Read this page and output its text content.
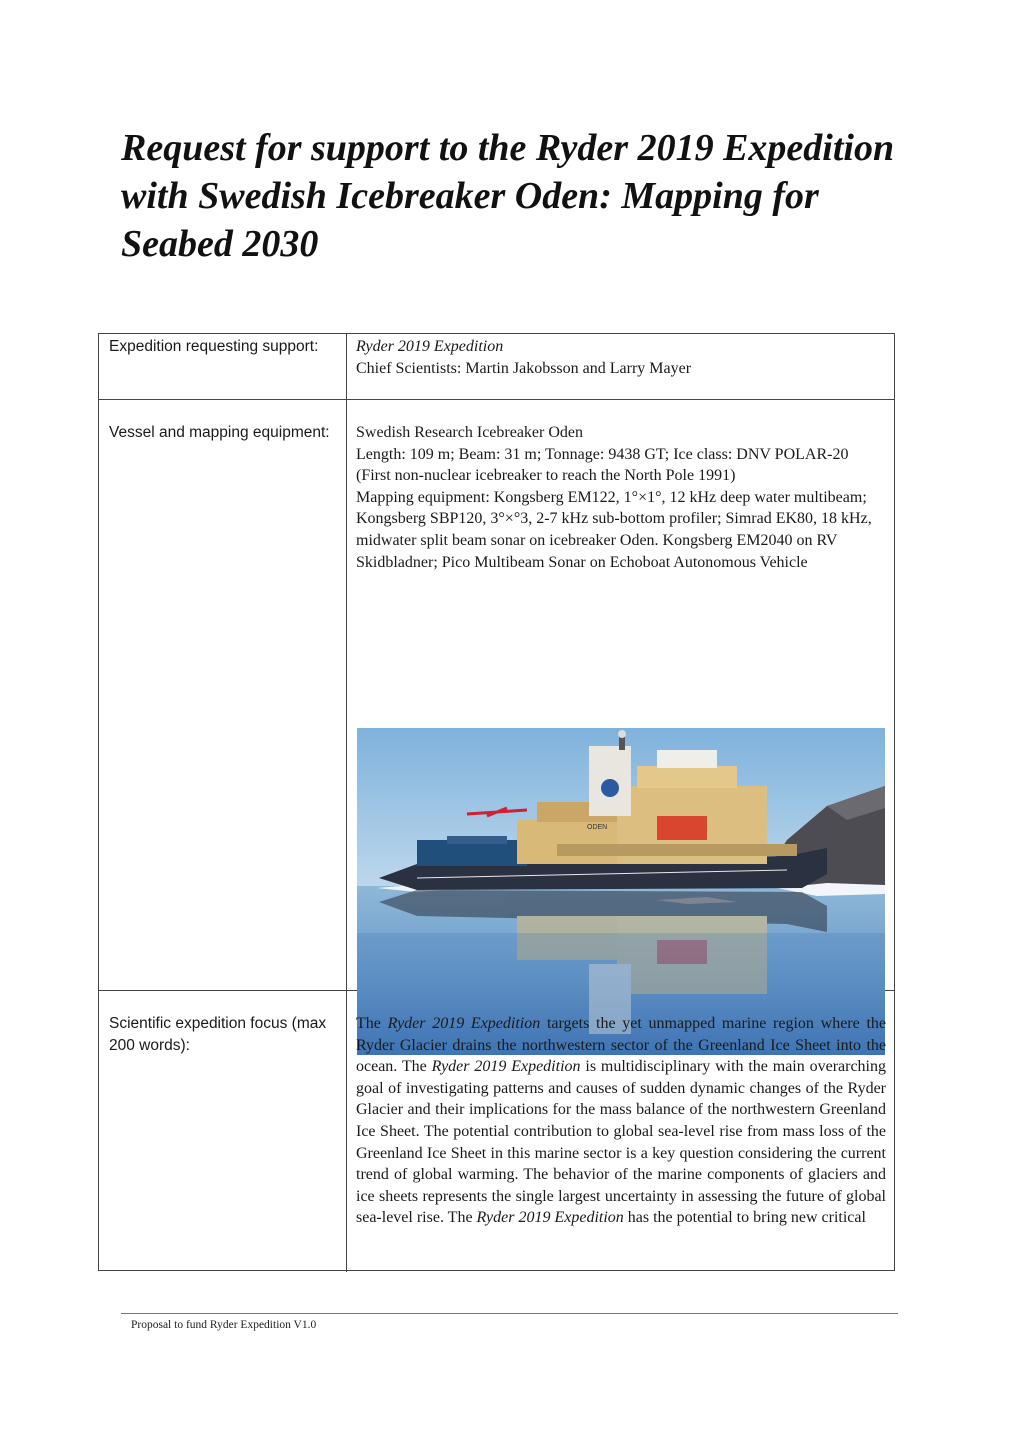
Request for support to the Ryder 2019 Expedition with Swedish Icebreaker Oden: Mapping for Seabed 2030
Expedition requesting support:	Ryder 2019 Expedition

Chief Scientists: Martin Jakobsson and Larry Mayer

Vessel and mapping equipment: Swedish Research Icebreaker Oden

Length: 109 m; Beam: 31 m; Tonnage: 9438 GT; Ice class: DNV POLAR-20 (First non-nuclear icebreaker to reach the North Pole 1991)

Mapping equipment: Kongsberg EM122, 1°×1°, 12 kHz deep water multibeam; Kongsberg SBP120, 3°×°3, 2-7 kHz sub-bottom profiler; Simrad EK80, 18 kHz, midwater split beam sonar on icebreaker Oden. Kongsberg EM2040 on RV Skidbladner; Pico Multibeam Sonar on Echoboat Autonomous Vehicle

ODEN
Scientific expedition focus (max 200 words):
The Ryder 2019 Expedition targets the yet unmapped marine region where the Ryder Glacier drains the northwestern sector of the Greenland Ice Sheet into the ocean. The Ryder 2019 Expedition is multidisciplinary with the main overarching goal of investigating patterns and causes of sudden dynamic changes of the Ryder Glacier and their implications for the mass balance of the northwestern Greenland Ice Sheet. The potential contribution to global sea-level rise from mass loss of the Greenland Ice Sheet in this marine sector is a key question considering the current trend of global warming. The behavior of the marine components of glaciers and ice sheets represents the single largest uncertainty in assessing the future of global sea-level rise. The Ryder 2019 Expedition has the potential to bring new critical
Proposal to fund Ryder Expedition V1.0
